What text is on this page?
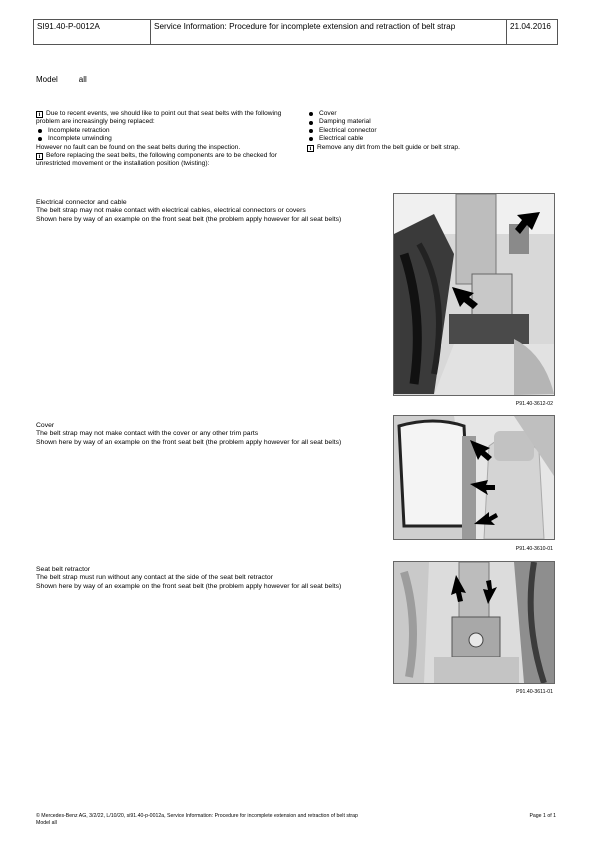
SI91.40-P-0012A	Service Information: Procedure for incomplete extension and retraction of belt strap	21.04.2016
Model	all
i Due to recent events, we should like to point out that seat belts with the following problem are increasingly being replaced:
Incomplete retraction
Incomplete unwinding
However no fault can be found on the seat belts during the inspection.
i Before replacing the seat belts, the following components are to be checked for unrestricted movement or the installation position (twisting):
Cover
Damping material
Electrical connector
Electrical cable
i Remove any dirt from the belt guide or belt strap.
Electrical connector and cable
The belt strap may not make contact with electrical cables, electrical connectors or covers
Shown here by way of an example on the front seat belt (the problem apply however for all seat belts)
P91.40-3612-02
Cover
The belt strap may not make contact with the cover or any other trim parts
Shown here by way of an example on the front seat belt (the problem apply however for all seat belts)
P91.40-3610-01
Seat belt retractor
The belt strap must run without any contact at the side of the seat belt retractor
Shown here by way of an example on the front seat belt (the problem apply however for all seat belts)
P91.40-3611-01
© Mercedes-Benz AG, 3/2/22, L/10/20, si91.40-p-0012a, Service Information: Procedure for incomplete extension and retraction of belt strap
Model all
Page 1 of 1
